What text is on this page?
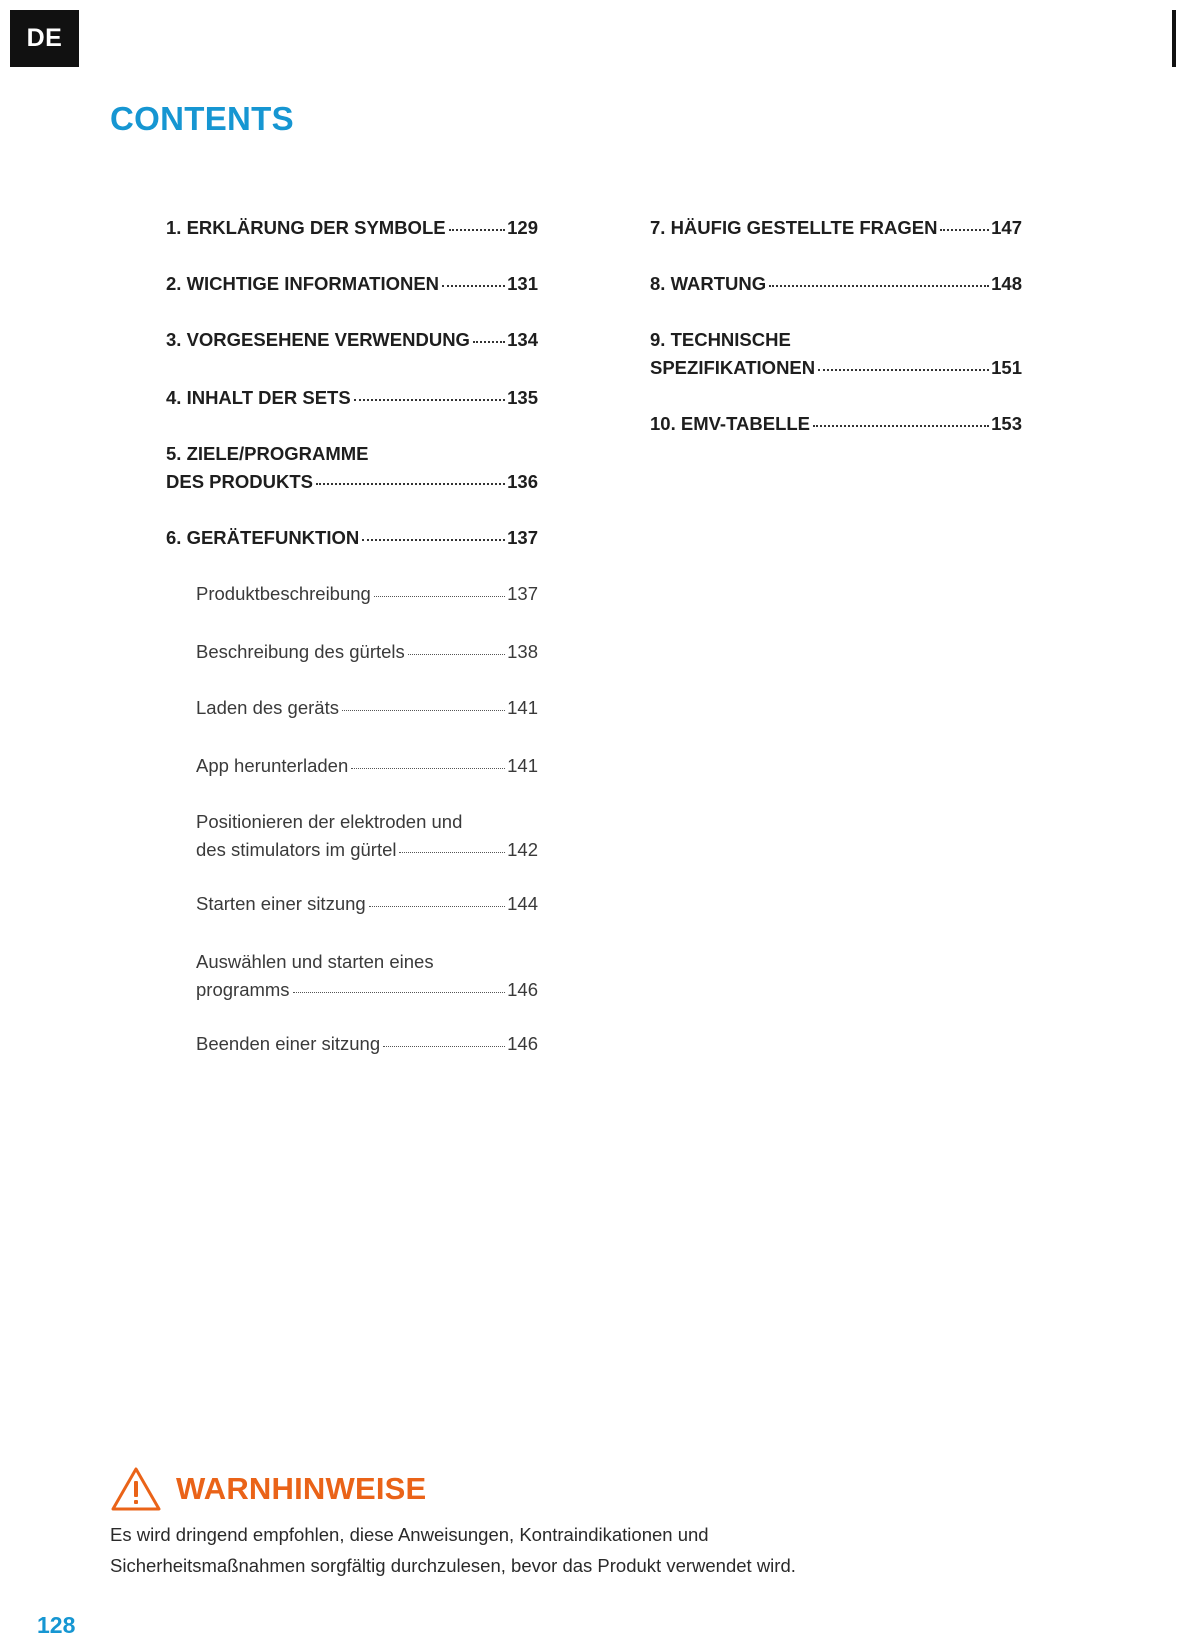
DE
CONTENTS
1. ERKLÄRUNG DER SYMBOLE	129
2. WICHTIGE INFORMATIONEN	131
3. VORGESEHENE VERWENDUNG 134
4. INHALT DER SETS	135
5. ZIELE/PROGRAMME
DES PRODUKTS	136
6. GERÄTEFUNKTION	137
Produktbeschreibung	137
Beschreibung des gürtels	138
Laden des geräts	141
App herunterladen	141
Positionieren der elektroden und
des stimulators im gürtel	142
Starten einer sitzung	144
Auswählen und starten eines
programms	146
Beenden einer sitzung	146
7. HÄUFIG GESTELLTE FRAGEN	147
8. WARTUNG	148
9. TECHNISCHE
SPEZIFIKATIONEN	151
10. EMV-TABELLE	153
WARNHINWEISE

Es wird dringend empfohlen, diese Anweisungen, Kontraindikationen und Sicherheitsmaßnahmen sorgfältig durchzulesen, bevor das Produkt verwendet wird.

128
